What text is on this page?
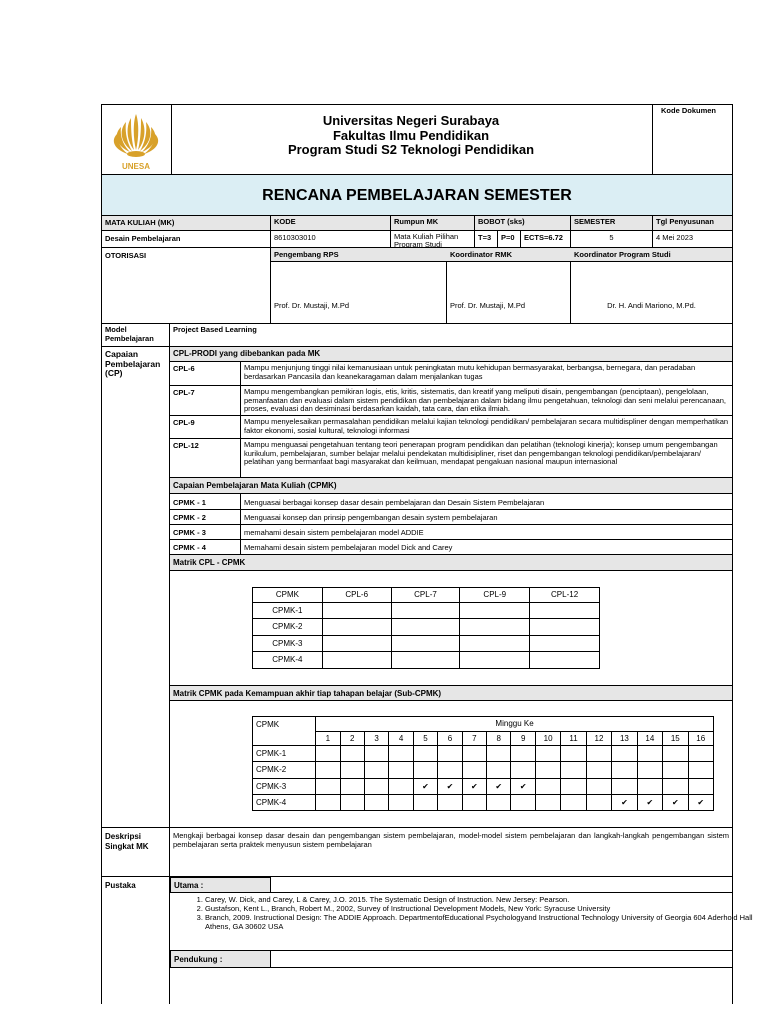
UNESA
Universitas Negeri Surabaya
Fakultas Ilmu Pendidikan
Program Studi S2 Teknologi Pendidikan
Kode Dokumen
RENCANA PEMBELAJARAN SEMESTER
MATA KULIAH (MK)	KODE	Rumpun MK	BOBOT (sks)	SEMESTER	Tgl Penyusunan
Desain Pembelajaran	8610303010	Mata Kuliah Pilihan Program Studi
T=3	P=0	ECTS=6.72	5	4 Mei 2023
OTORISASI	Pengembang RPS	Koordinator RMK	Koordinator Program Studi
Prof. Dr. Mustaji, M.Pd	Prof. Dr. Mustaji, M.Pd	Dr. H. Andi Mariono, M.Pd.
Model Pembelajaran
Project Based Learning
Capaian Pembelajaran (CP)
CPL-PRODI yang dibebankan pada MK
CPL-6	Mampu menjunjung tinggi nilai kemanusiaan untuk peningkatan mutu kehidupan bermasyarakat, berbangsa, bernegara, dan peradaban berdasarkan Pancasila dan keanekaragaman dalam menjalankan tugas
CPL-7	Mampu mengembangkan pemikiran logis, etis, kritis, sistematis, dan kreatif yang meliputi disain, pengembangan (penciptaan), pengelolaan, pemanfaatan dan evaluasi dalam sistem pendidikan dan pembelajaran dalam bidang ilmu pengetahuan, teknologi dan seni melalui perencanaan, proses, evaluasi dan desiminasi berdasarkan kaidah, tata cara, dan etika ilmiah.
CPL-9	Mampu menyelesaikan permasalahan pendidikan melalui kajian teknologi pendidikan/ pembelajaran secara multidispliner dengan memperhatikan faktor ekonomi, sosial kultural, teknologi informasi
CPL-12	Mampu menguasai pengetahuan tentang teori penerapan program pendidikan dan pelatihan (teknologi kinerja); konsep umum pengembangan kurikulum, pembelajaran, sumber belajar melalui pendekatan multidisipliner, riset dan pengembangan teknologi pendidikan/pembelajaran/ pelatihan yang bermanfaat bagi masyarakat dan keilmuan, mendapat pengakuan nasional maupun internasional
Capaian Pembelajaran Mata Kuliah (CPMK)
CPMK - 1	Menguasai berbagai konsep dasar desain pembelajaran dan Desain Sistem Pembelajaran
CPMK - 2	Menguasai konsep dan prinsip pengembangan desain system pembelajaran
CPMK - 3	memahami desain sistem pembelajaran model ADDIE
CPMK - 4	Memahami desain sistem pembelajaran model Dick and Carey
Matrik CPL - CPMK
CPMK	CPL-6	CPL-7	CPL-9	CPL-12
CPMK-1				
CPMK-2				
CPMK-3				
CPMK-4				
Matrik CPMK pada Kemampuan akhir tiap tahapan belajar (Sub-CPMK)
CPMK	Minggu Ke															
	1	2	3	4	5	6	7	8	9	10	11	12	13	14	15	16
CPMK-1																
CPMK-2																
CPMK-3					✔	✔	✔	✔	✔							
CPMK-4													✔	✔	✔	✔
Deskripsi Singkat MK
Mengkaji berbagai konsep dasar desain dan pengembangan sistem pembelajaran, model-model sistem pembelajaran dan langkah-langkah pengembangan sistem pembelajaran serta praktek menyusun sistem pembelajaran
Pustaka	Utama :
1. Carey, W. Dick, and Carey, L & Carey, J.O. 2015. The Systematic Design of Instruction. New Jersey: Pearson.
2. Gustafson, Kent L., Branch, Robert M., 2002, Survey of Instructional Development Models, New York: Syracuse University
3. Branch, 2009. Instructional Design: The ADDIE Approach. DepartmentofEducational Psychologyand Instructional Technology University of Georgia 604 Aderhold Hall Athens, GA 30602 USA
Pendukung :
